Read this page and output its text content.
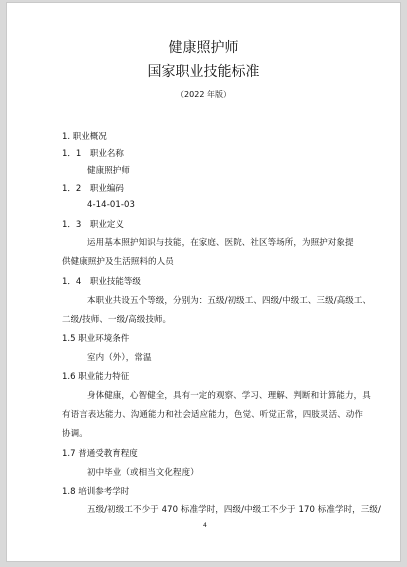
健康照护师
国家职业技能标准
（2022 年版）
1. 职业概况
1．1　职业名称
健康照护师
1．2　职业编码
4-14-01-03
1．3　职业定义
运用基本照护知识与技能，在家庭、医院、社区等场所，为照护对象提
供健康照护及生活照料的人员
1．4　职业技能等级
本职业共设五个等级，分别为：五级/初级工、四级/中级工、三级/高级工、
二级/技师、一级/高级技师。
1.5 职业环境条件
室内（外），常温
1.6 职业能力特征
身体健康，心智健全，具有一定的观察、学习、理解、判断和计算能力，具
有语言表达能力、沟通能力和社会适应能力，色觉、听觉正常，四肢灵活、动作
协调。
1.7 普通受教育程度
初中毕业（或相当文化程度）
1.8 培训参考学时
五级/初级工不少于 470 标准学时，四级/中级工不少于 170 标准学时，三级/
4
